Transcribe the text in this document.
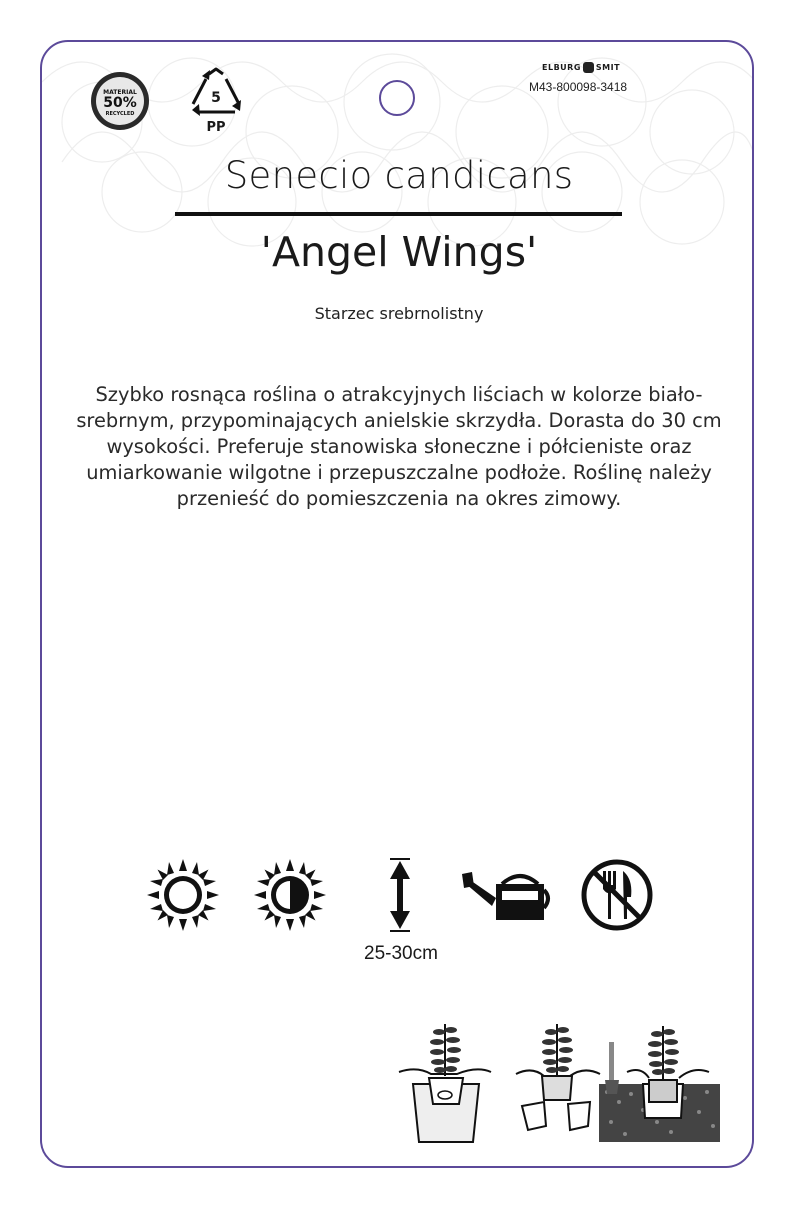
MATERIAL
50%
RECYCLED
5
PP
ELBURG SMIT
M43-800098-3418
Senecio candicans
'Angel Wings'
Starzec srebrnolistny
Szybko rosnąca roślina o atrakcyjnych liściach w kolorze biało-srebrnym, przypominających anielskie skrzydła. Dorasta do 30 cm wysokości. Preferuje stanowiska słoneczne i półcieniste oraz umiarkowanie wilgotne i przepuszczalne podłoże. Roślinę należy przenieść do pomieszczenia na okres zimowy.
25-30cm
